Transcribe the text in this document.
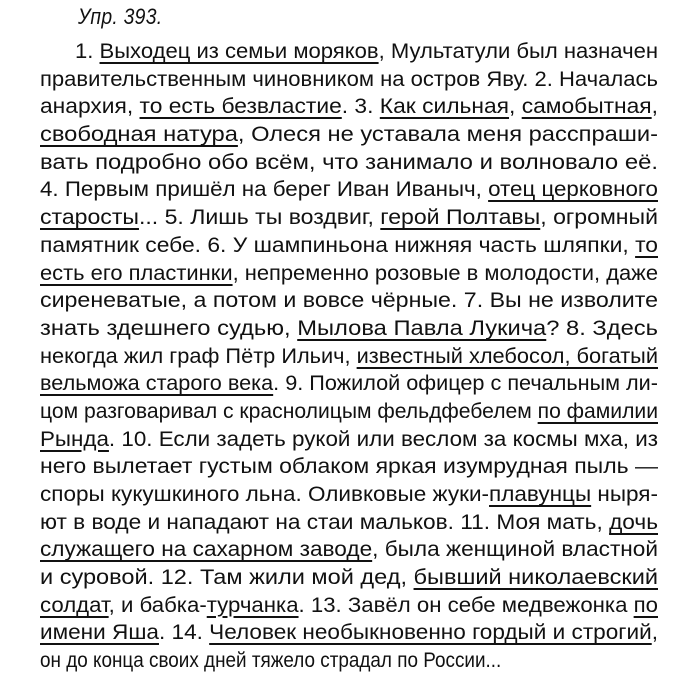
Упр. 393.
1. Выходец из семьи моряков, Мультатули был назначен
правительственным чиновником на остров Яву. 2. Началась
анархия, то есть безвластие. 3. Как сильная, самобытная,
свободная натура, Олеся не уставала меня расспраши-
вать подробно обо всём, что занимало и волновало её.
4. Первым пришёл на берег Иван Иваныч, отец церковного
старосты... 5. Лишь ты воздвиг, герой Полтавы, огромный
памятник себе. 6. У шампиньона нижняя часть шляпки, то
есть его пластинки, непременно розовые в молодости, даже
сиреневатые, а потом и вовсе чёрные. 7. Вы не изволите
знать здешнего судью, Мылова Павла Лукича? 8. Здесь
некогда жил граф Пётр Ильич, известный хлебосол, богатый
вельможа старого века. 9. Пожилой офицер с печальным ли-
цом разговаривал с краснолицым фельдфебелем по фамилии
Рында. 10. Если задеть рукой или веслом за космы мха, из
него вылетает густым облаком яркая изумрудная пыль —
споры кукушкиного льна. Оливковые жуки-плавунцы ныря-
ют в воде и нападают на стаи мальков. 11. Моя мать, дочь
служащего на сахарном заводе, была женщиной властной
и суровой. 12. Там жили мой дед, бывший николаевский
солдат, и бабка-турчанка. 13. Завёл он себе медвежонка по
имени Яша. 14. Человек необыкновенно гордый и строгий,
он до конца своих дней тяжело страдал по России...
